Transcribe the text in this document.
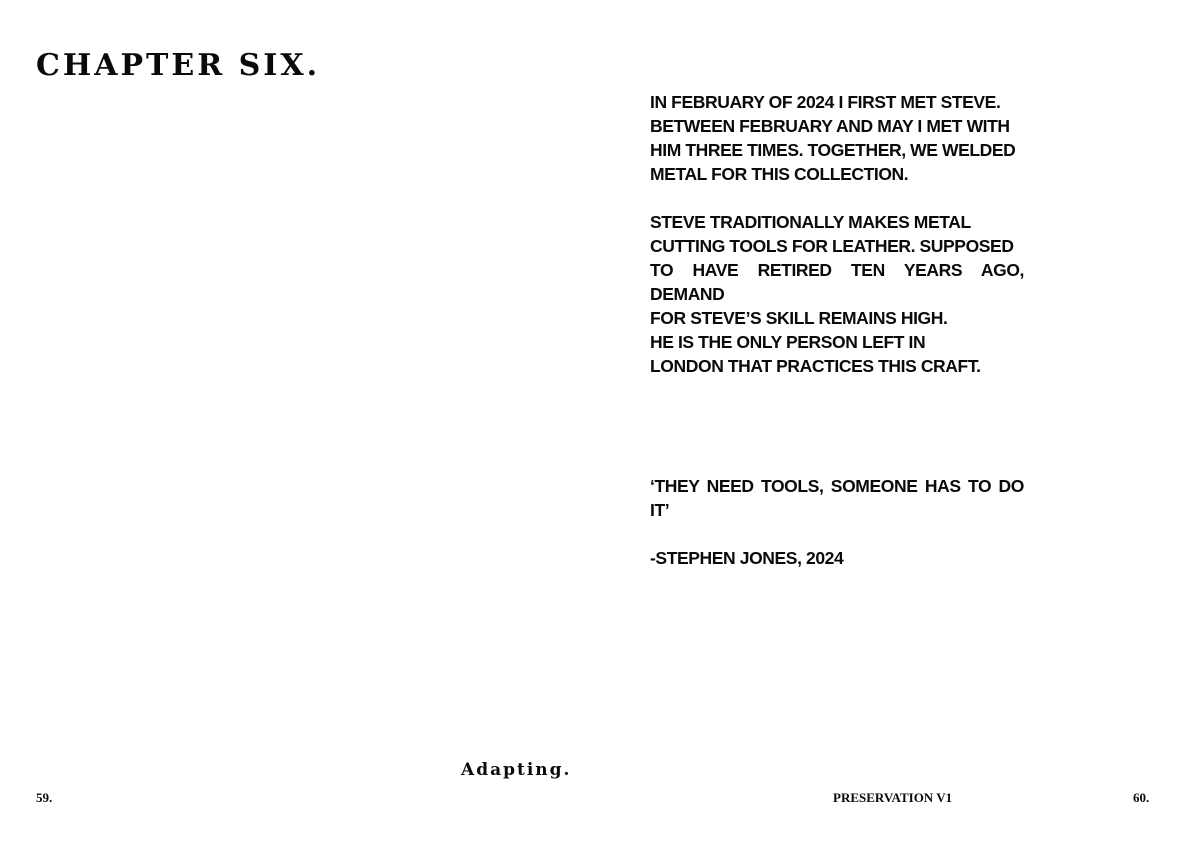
CHAPTER SIX.
IN FEBRUARY OF 2024 I FIRST MET STEVE.
BETWEEN FEBRUARY AND MAY I MET WITH
HIM THREE TIMES. TOGETHER, WE WELDED
METAL FOR THIS COLLECTION.
STEVE TRADITIONALLY MAKES METAL
CUTTING TOOLS FOR LEATHER. SUPPOSED
TO HAVE RETIRED TEN YEARS AGO, DEMAND
FOR STEVE’S SKILL REMAINS HIGH.
HE IS THE ONLY PERSON LEFT IN
LONDON THAT PRACTICES THIS CRAFT.

‘THEY NEED TOOLS, SOMEONE HAS TO DO IT’

-STEPHEN JONES, 2024

Adapting.
59.	PRESERVATION V1	60.
